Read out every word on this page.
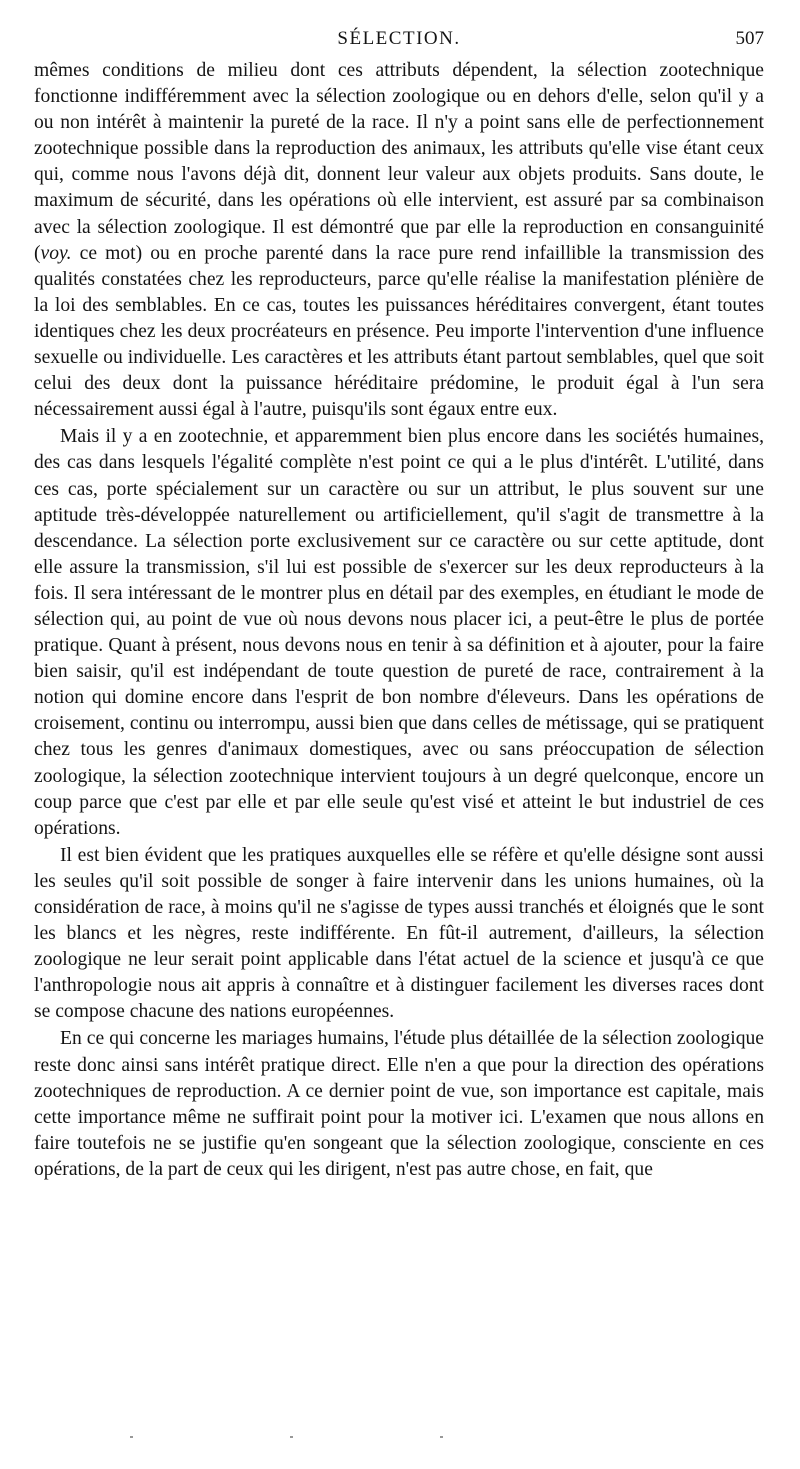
SÉLECTION.	507

mêmes conditions de milieu dont ces attributs dépendent, la sélection zootechnique fonctionne indifféremment avec la sélection zoologique ou en dehors d'elle, selon qu'il y a ou non intérêt à maintenir la pureté de la race. Il n'y a point sans elle de perfectionnement zootechnique possible dans la reproduction des animaux, les attributs qu'elle vise étant ceux qui, comme nous l'avons déjà dit, donnent leur valeur aux objets produits. Sans doute, le maximum de sécurité, dans les opérations où elle intervient, est assuré par sa combinaison avec la sélection zoologique. Il est démontré que par elle la reproduction en consanguinité (voy. ce mot) ou en proche parenté dans la race pure rend infaillible la transmission des qualités constatées chez les reproducteurs, parce qu'elle réalise la manifestation plénière de la loi des semblables. En ce cas, toutes les puissances héréditaires convergent, étant toutes identiques chez les deux procréateurs en présence. Peu importe l'intervention d'une influence sexuelle ou individuelle. Les caractères et les attributs étant partout semblables, quel que soit celui des deux dont la puissance héréditaire prédomine, le produit égal à l'un sera nécessairement aussi égal à l'autre, puisqu'ils sont égaux entre eux.

Mais il y a en zootechnie, et apparemment bien plus encore dans les sociétés humaines, des cas dans lesquels l'égalité complète n'est point ce qui a le plus d'intérêt. L'utilité, dans ces cas, porte spécialement sur un caractère ou sur un attribut, le plus souvent sur une aptitude très-développée naturellement ou artificiellement, qu'il s'agit de transmettre à la descendance. La sélection porte exclusivement sur ce caractère ou sur cette aptitude, dont elle assure la transmission, s'il lui est possible de s'exercer sur les deux reproducteurs à la fois. Il sera intéressant de le montrer plus en détail par des exemples, en étudiant le mode de sélection qui, au point de vue où nous devons nous placer ici, a peut-être le plus de portée pratique. Quant à présent, nous devons nous en tenir à sa définition et à ajouter, pour la faire bien saisir, qu'il est indépendant de toute question de pureté de race, contrairement à la notion qui domine encore dans l'esprit de bon nombre d'éleveurs. Dans les opérations de croisement, continu ou interrompu, aussi bien que dans celles de métissage, qui se pratiquent chez tous les genres d'animaux domestiques, avec ou sans préoccupation de sélection zoologique, la sélection zootechnique intervient toujours à un degré quelconque, encore un coup parce que c'est par elle et par elle seule qu'est visé et atteint le but industriel de ces opérations.

Il est bien évident que les pratiques auxquelles elle se réfère et qu'elle désigne sont aussi les seules qu'il soit possible de songer à faire intervenir dans les unions humaines, où la considération de race, à moins qu'il ne s'agisse de types aussi tranchés et éloignés que le sont les blancs et les nègres, reste indifférente. En fût-il autrement, d'ailleurs, la sélection zoologique ne leur serait point applicable dans l'état actuel de la science et jusqu'à ce que l'anthropologie nous ait appris à connaître et à distinguer facilement les diverses races dont se compose chacune des nations européennes.

En ce qui concerne les mariages humains, l'étude plus détaillée de la sélection zoologique reste donc ainsi sans intérêt pratique direct. Elle n'en a que pour la direction des opérations zootechniques de reproduction. A ce dernier point de vue, son importance est capitale, mais cette importance même ne suffirait point pour la motiver ici. L'examen que nous allons en faire toutefois ne se justifie qu'en songeant que la sélection zoologique, consciente en ces opérations, de la part de ceux qui les dirigent, n'est pas autre chose, en fait, que
